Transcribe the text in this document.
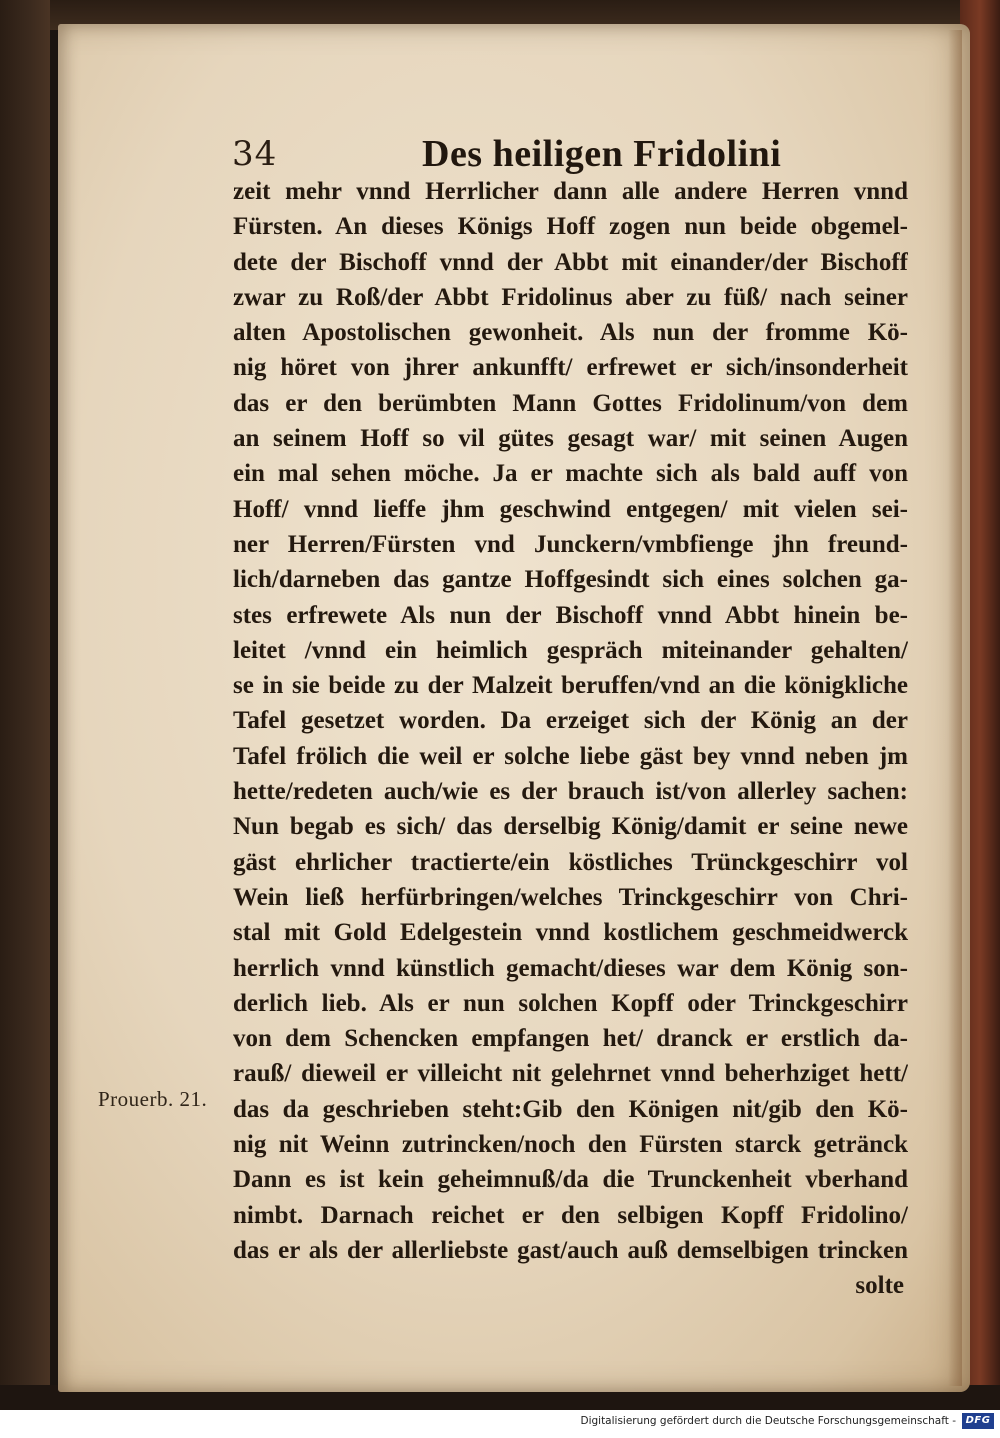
34	Des heiligen Fridolini
zeit mehr vnnd Herrlicher dann alle andere Herren vnnd
Fürsten. An dieses Königs Hoff zogen nun beide obgemel-
dete der Bischoff vnnd der Abbt mit einander/der Bischoff
zwar zu Roß/der Abbt Fridolinus aber zu füß/ nach seiner
alten Apostolischen gewonheit. Als nun der fromme Kö-
nig höret von jhrer ankunfft/ erfrewet er sich/insonderheit
das er den berümbten Mann Gottes Fridolinum/von dem
an seinem Hoff so vil gütes gesagt war/ mit seinen Augen
ein mal sehen möche. Ja er machte sich als bald auff von
Hoff/ vnnd lieffe jhm geschwind entgegen/ mit vielen sei-
ner Herren/Fürsten vnd Junckern/vmbfienge jhn freund-
lich/darneben das gantze Hoffgesindt sich eines solchen ga-
stes erfrewete Als nun der Bischoff vnnd Abbt hinein be-
leitet /vnnd ein heimlich gespräch miteinander gehalten/
se in sie beide zu der Malzeit beruffen/vnd an die königkliche
Tafel gesetzet worden. Da erzeiget sich der König an der
Tafel frölich die weil er solche liebe gäst bey vnnd neben jm
hette/redeten auch/wie es der brauch ist/von allerley sachen:
Nun begab es sich/ das derselbig König/damit er seine newe
gäst ehrlicher tractierte/ein köstliches Trünckgeschirr vol
Wein ließ herfürbringen/welches Trinckgeschirr von Chri-
stal mit Gold Edelgestein vnnd kostlichem geschmeidwerck
herrlich vnnd künstlich gemacht/dieses war dem König son-
derlich lieb. Als er nun solchen Kopff oder Trinckgeschirr
von dem Schencken empfangen het/ dranck er erstlich da-
rauß/ dieweil er villeicht nit gelehrnet vnnd beherhziget hett/
das da geschrieben steht:Gib den Königen nit/gib den Kö-
nig nit Weinn zutrincken/noch den Fürsten starck getränck
Dann es ist kein geheimnuß/da die Trunckenheit vberhand
nimbt. Darnach reichet er den selbigen Kopff Fridolino/
das er als der allerliebste gast/auch auß demselbigen trincken
solte
Prouerb. 21.
Digitalisierung gefördert durch die Deutsche Forschungsgemeinschaft - DFG
